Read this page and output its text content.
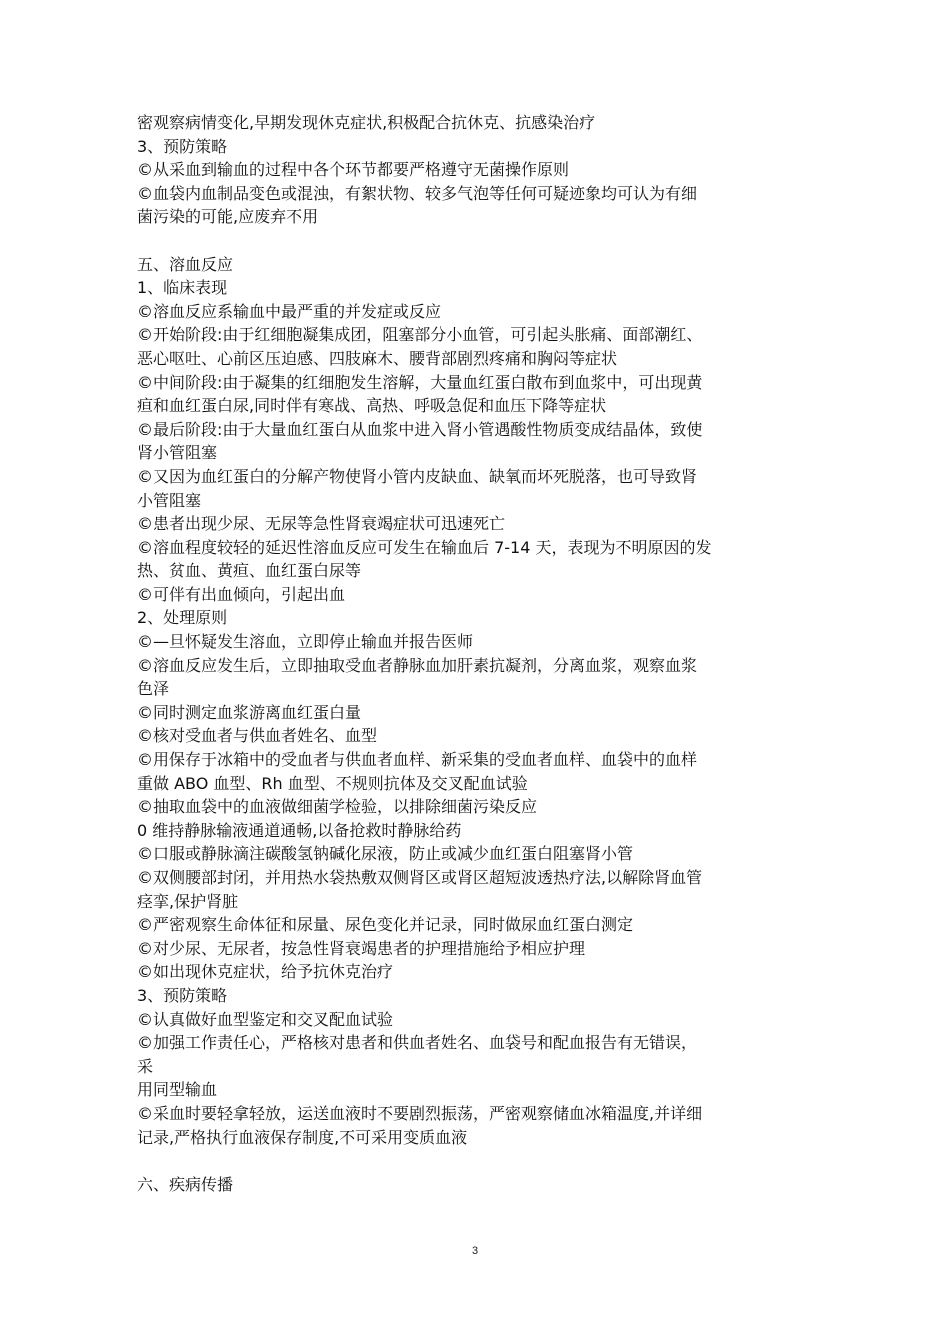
密观察病情变化,早期发现休克症状,积极配合抗休克、抗感染治疗
3、预防策略
©从采血到输血的过程中各个环节都要严格遵守无菌操作原则
©血袋内血制品变色或混浊，有絮状物、较多气泡等任何可疑迹象均可认为有细
菌污染的可能,应废弃不用
五、溶血反应
1、临床表现
©溶血反应系输血中最严重的并发症或反应
©开始阶段:由于红细胞凝集成团，阻塞部分小血管，可引起头胀痛、面部潮红、
恶心呕吐、心前区压迫感、四肢麻木、腰背部剧烈疼痛和胸闷等症状
©中间阶段:由于凝集的红细胞发生溶解，大量血红蛋白散布到血浆中，可出现黄
疸和血红蛋白尿,同时伴有寒战、高热、呼吸急促和血压下降等症状
©最后阶段:由于大量血红蛋白从血浆中进入肾小管遇酸性物质变成结晶体，致使
肾小管阻塞
©又因为血红蛋白的分解产物使肾小管内皮缺血、缺氧而坏死脱落，也可导致肾
小管阻塞
©患者出现少尿、无尿等急性肾衰竭症状可迅速死亡
©溶血程度较轻的延迟性溶血反应可发生在输血后 7-14 天，表现为不明原因的发
热、贫血、黄疸、血红蛋白尿等
©可伴有出血倾向，引起出血
2、处理原则
©—旦怀疑发生溶血，立即停止输血并报告医师
©溶血反应发生后，立即抽取受血者静脉血加肝素抗凝剂，分离血浆，观察血浆
色泽
©同时测定血浆游离血红蛋白量
©核对受血者与供血者姓名、血型
©用保存于冰箱中的受血者与供血者血样、新采集的受血者血样、血袋中的血样
重做 ABO 血型、Rh 血型、不规则抗体及交叉配血试验
©抽取血袋中的血液做细菌学检验，以排除细菌污染反应
0 维持静脉输液通道通畅,以备抢救时静脉给药
©口服或静脉滴注碳酸氢钠碱化尿液，防止或减少血红蛋白阻塞肾小管
©双侧腰部封闭，并用热水袋热敷双侧肾区或肾区超短波透热疗法,以解除肾血管
痉挛,保护肾脏
©严密观察生命体征和尿量、尿色变化并记录，同时做尿血红蛋白测定
©对少尿、无尿者，按急性肾衰竭患者的护理措施给予相应护理
©如出现休克症状，给予抗休克治疗
3、预防策略
©认真做好血型鉴定和交叉配血试验
©加强工作责任心，严格核对患者和供血者姓名、血袋号和配血报告有无错误，
采
用同型输血
©采血时要轻拿轻放，运送血液时不要剧烈振荡，严密观察储血冰箱温度,并详细
记录,严格执行血液保存制度,不可采用变质血液
六、疾病传播
3
